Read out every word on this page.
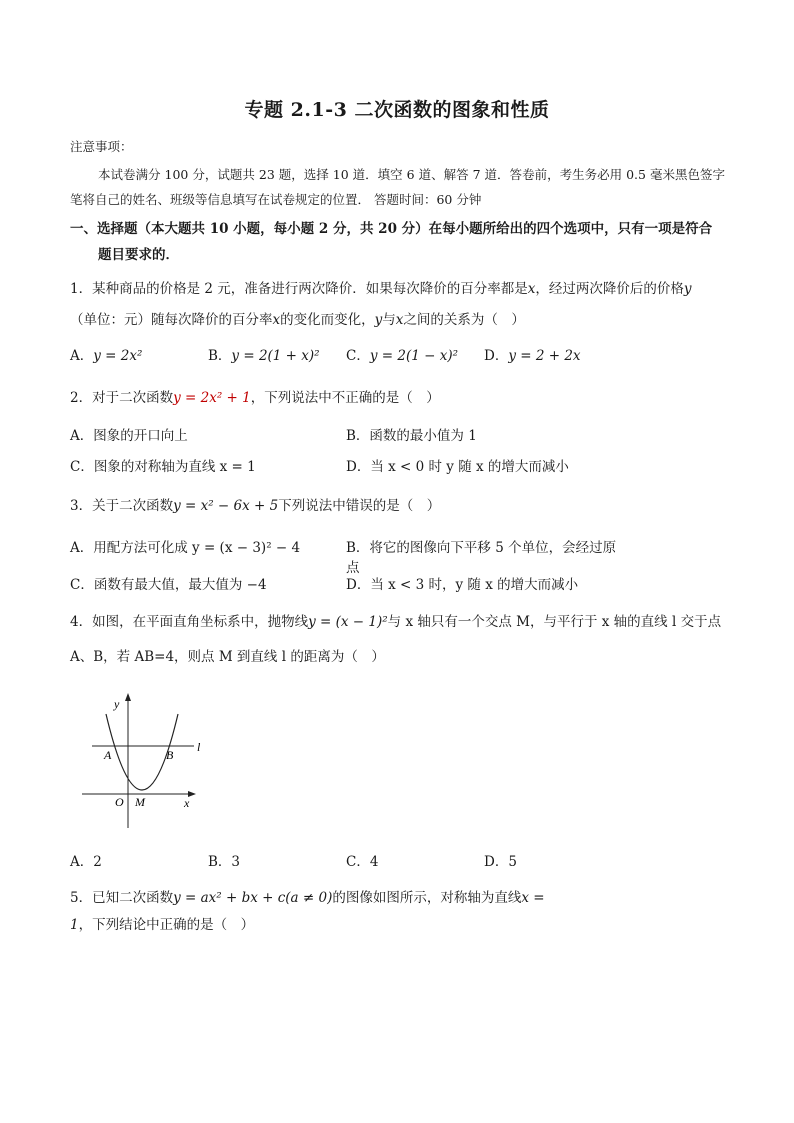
专题 2.1-3 二次函数的图象和性质
注意事项：
本试卷满分 100 分，试题共 23 题，选择 10 道．填空 6 道、解答 7 道．答卷前，考生务必用 0.5 毫米黑色签字笔将自己的姓名、班级等信息填写在试卷规定的位置． 答题时间：60 分钟
一、选择题（本大题共 10 小题，每小题 2 分，共 20 分）在每小题所给出的四个选项中，只有一项是符合
题目要求的．
1．某种商品的价格是 2 元，准备进行两次降价．如果每次降价的百分率都是x，经过两次降价后的价格y
（单位：元）随每次降价的百分率x的变化而变化，y与x之间的关系为（　）
A．y = 2x²	B．y = 2(1 + x)²	C．y = 2(1 − x)²	D．y = 2 + 2x
2．对于二次函数y = 2x² + 1，下列说法中不正确的是（　）
A．图象的开口向上	B．函数的最小值为 1
C．图象的对称轴为直线 x = 1	D．当 x < 0 时 y 随 x 的增大而减小
3．关于二次函数y = x² − 6x + 5下列说法中错误的是（　）
A．用配方法可化成 y = (x − 3)² − 4	B．将它的图像向下平移 5 个单位，会经过原点
C．函数有最大值，最大值为 −4	D．当 x < 3 时，y 随 x 的增大而减小
4．如图，在平面直角坐标系中，抛物线y = (x − 1)²与 x 轴只有一个交点 M，与平行于 x 轴的直线 l 交于点
A、B，若 AB=4，则点 M 到直线 l 的距离为（　）
y
x
O M
A	B
l
A．2	B．3	C．4	D．5
5．已知二次函数y = ax² + bx + c(a ≠ 0)的图像如图所示，对称轴为直线x = 1，下列结论中正确的是（　）
